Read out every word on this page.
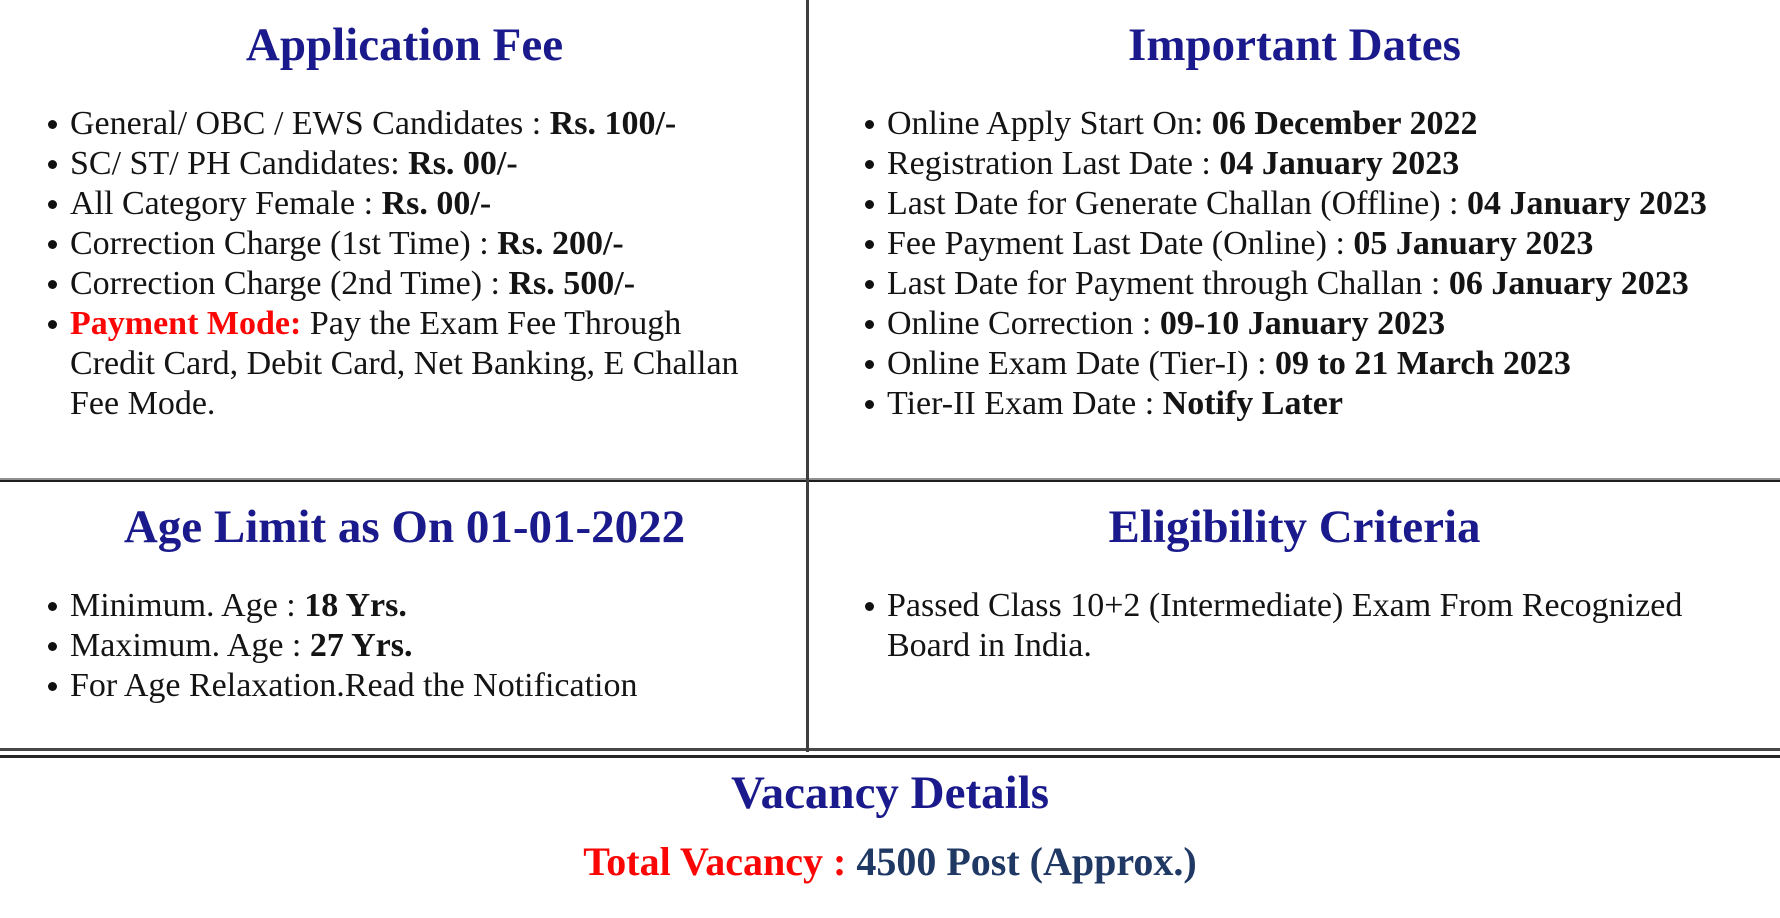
Application Fee
General/ OBC / EWS Candidates : Rs. 100/-
SC/ ST/ PH Candidates: Rs. 00/-
All Category Female : Rs. 00/-
Correction Charge (1st Time) : Rs. 200/-
Correction Charge (2nd Time) : Rs. 500/-
Payment Mode: Pay the Exam Fee Through
Credit Card, Debit Card, Net Banking, E Challan
Fee Mode.
Important Dates
Online Apply Start On: 06 December 2022
Registration Last Date : 04 January 2023
Last Date for Generate Challan (Offline) : 04 January 2023
Fee Payment Last Date (Online) : 05 January 2023
Last Date for Payment through Challan : 06 January 2023
Online Correction : 09-10 January 2023
Online Exam Date (Tier-I) : 09 to 21 March 2023
Tier-II Exam Date : Notify Later
Age Limit as On 01-01-2022
Minimum. Age : 18 Yrs.
Maximum. Age : 27 Yrs.
For Age Relaxation.Read the Notification
Eligibility Criteria
Passed Class 10+2 (Intermediate) Exam From Recognized
Board in India.
Vacancy Details

Total Vacancy : 4500 Post (Approx.)
